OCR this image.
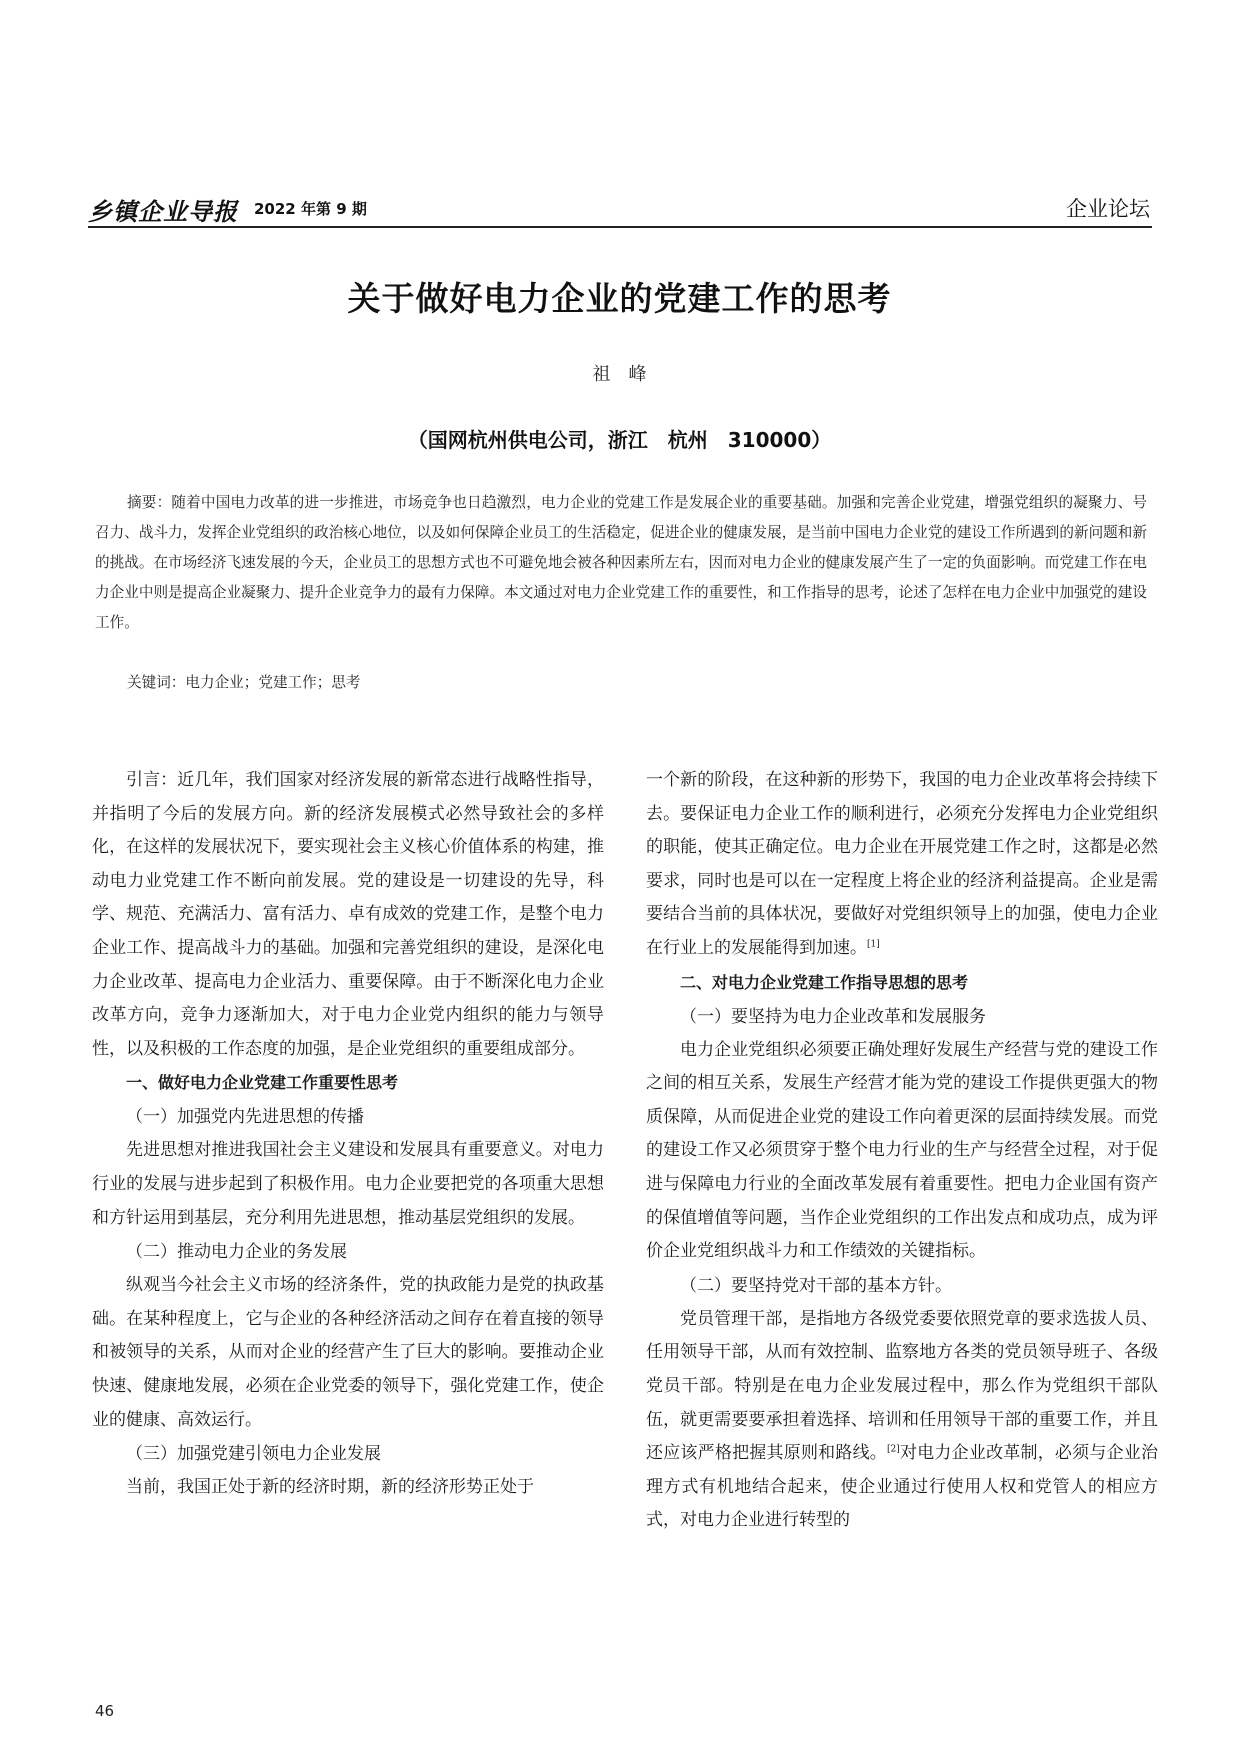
乡镇企业导报 2022 年第 9 期	企业论坛
关于做好电力企业的党建工作的思考
祖　峰
（国网杭州供电公司，浙江　杭州　310000）

摘要：随着中国电力改革的进一步推进，市场竞争也日趋激烈，电力企业的党建工作是发展企业的重要基础。加强和完善企业党建，增强党组织的凝聚力、号召力、战斗力，发挥企业党组织的政治核心地位，以及如何保障企业员工的生活稳定，促进企业的健康发展，是当前中国电力企业党的建设工作所遇到的新问题和新的挑战。在市场经济飞速发展的今天，企业员工的思想方式也不可避免地会被各种因素所左右，因而对电力企业的健康发展产生了一定的负面影响。而党建工作在电力企业中则是提高企业凝聚力、提升企业竞争力的最有力保障。本文通过对电力企业党建工作的重要性，和工作指导的思考，论述了怎样在电力企业中加强党的建设工作。

关键词：电力企业；党建工作；思考

引言：近几年，我们国家对经济发展的新常态进行战略性指导，并指明了今后的发展方向。新的经济发展模式必然导致社会的多样化，在这样的发展状况下，要实现社会主义核心价值体系的构建，推动电力业党建工作不断向前发展。党的建设是一切建设的先导，科学、规范、充满活力、富有活力、卓有成效的党建工作，是整个电力企业工作、提高战斗力的基础。加强和完善党组织的建设，是深化电力企业改革、提高电力企业活力、重要保障。由于不断深化电力企业改革方向，竞争力逐渐加大，对于电力企业党内组织的能力与领导性，以及积极的工作态度的加强，是企业党组织的重要组成部分。

一、做好电力企业党建工作重要性思考
（一）加强党内先进思想的传播

先进思想对推进我国社会主义建设和发展具有重要意义。对电力行业的发展与进步起到了积极作用。电力企业要把党的各项重大思想和方针运用到基层，充分利用先进思想，推动基层党组织的发展。

（二）推动电力企业的务发展

纵观当今社会主义市场的经济条件，党的执政能力是党的执政基础。在某种程度上，它与企业的各种经济活动之间存在着直接的领导和被领导的关系，从而对企业的经营产生了巨大的影响。要推动企业快速、健康地发展，必须在企业党委的领导下，强化党建工作，使企业的健康、高效运行。

（三）加强党建引领电力企业发展

当前，我国正处于新的经济时期，新的经济形势正处于

一个新的阶段，在这种新的形势下，我国的电力企业改革将会持续下去。要保证电力企业工作的顺利进行，必须充分发挥电力企业党组织的职能，使其正确定位。电力企业在开展党建工作之时，这都是必然要求，同时也是可以在一定程度上将企业的经济利益提高。企业是需要结合当前的具体状况，要做好对党组织领导上的加强，使电力企业在行业上的发展能得到加速。[1]

二、对电力企业党建工作指导思想的思考
（一）要坚持为电力企业改革和发展服务

电力企业党组织必须要正确处理好发展生产经营与党的建设工作之间的相互关系，发展生产经营才能为党的建设工作提供更强大的物质保障，从而促进企业党的建设工作向着更深的层面持续发展。而党的建设工作又必须贯穿于整个电力行业的生产与经营全过程，对于促进与保障电力行业的全面改革发展有着重要性。把电力企业国有资产的保值增值等问题，当作企业党组织的工作出发点和成功点，成为评价企业党组织战斗力和工作绩效的关键指标。

（二）要坚持党对干部的基本方针。

党员管理干部，是指地方各级党委要依照党章的要求选拔人员、任用领导干部，从而有效控制、监察地方各类的党员领导班子、各级党员干部。特别是在电力企业发展过程中，那么作为党组织干部队伍，就更需要要承担着选择、培训和任用领导干部的重要工作，并且还应该严格把握其原则和路线。[2]对电力企业改革制，必须与企业治理方式有机地结合起来，使企业通过行使用人权和党管人的相应方式，对电力企业进行转型的

46
